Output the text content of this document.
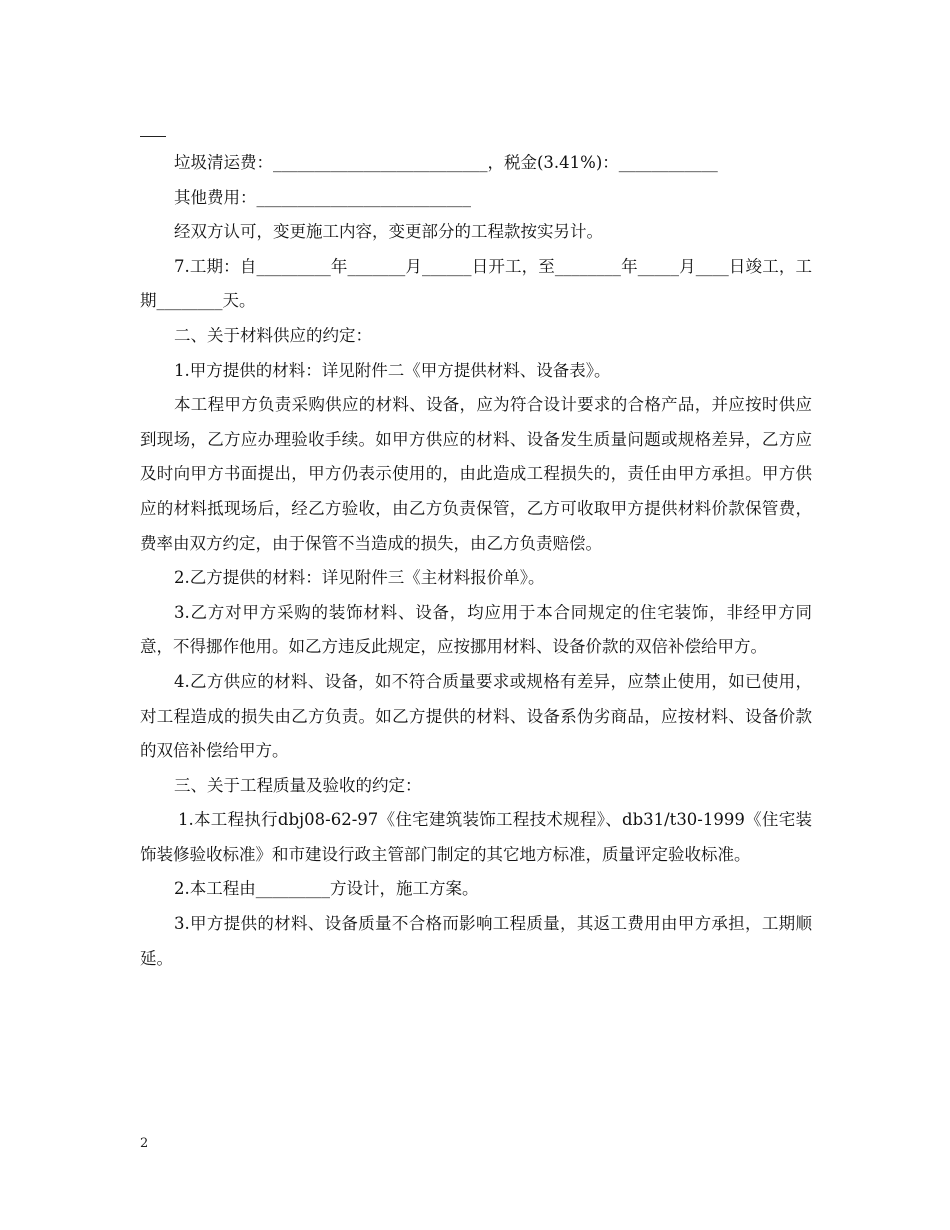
垃圾清运费：__________________________，税金(3.41%)：____________

其他费用：__________________________

经双方认可，变更施工内容，变更部分的工程款按实另计。

7.工期：自_________年_______月______日开工，至________年_____月____日竣工，工期________天。

二、关于材料供应的约定：

1.甲方提供的材料：详见附件二《甲方提供材料、设备表》。

本工程甲方负责采购供应的材料、设备，应为符合设计要求的合格产品，并应按时供应到现场，乙方应办理验收手续。如甲方供应的材料、设备发生质量问题或规格差异，乙方应及时向甲方书面提出，甲方仍表示使用的，由此造成工程损失的，责任由甲方承担。甲方供应的材料抵现场后，经乙方验收，由乙方负责保管，乙方可收取甲方提供材料价款保管费，费率由双方约定，由于保管不当造成的损失，由乙方负责赔偿。

2.乙方提供的材料：详见附件三《主材料报价单》。

3.乙方对甲方采购的装饰材料、设备，均应用于本合同规定的住宅装饰，非经甲方同意，不得挪作他用。如乙方违反此规定，应按挪用材料、设备价款的双倍补偿给甲方。

4.乙方供应的材料、设备，如不符合质量要求或规格有差异，应禁止使用，如已使用，对工程造成的损失由乙方负责。如乙方提供的材料、设备系伪劣商品，应按材料、设备价款的双倍补偿给甲方。

三、关于工程质量及验收的约定：

1.本工程执行dbj08-62-97《住宅建筑装饰工程技术规程》、db31/t30-1999《住宅装饰装修验收标准》和市建设行政主管部门制定的其它地方标准，质量评定验收标准。

2.本工程由_________方设计，施工方案。

3.甲方提供的材料、设备质量不合格而影响工程质量，其返工费用由甲方承担，工期顺延。

2
